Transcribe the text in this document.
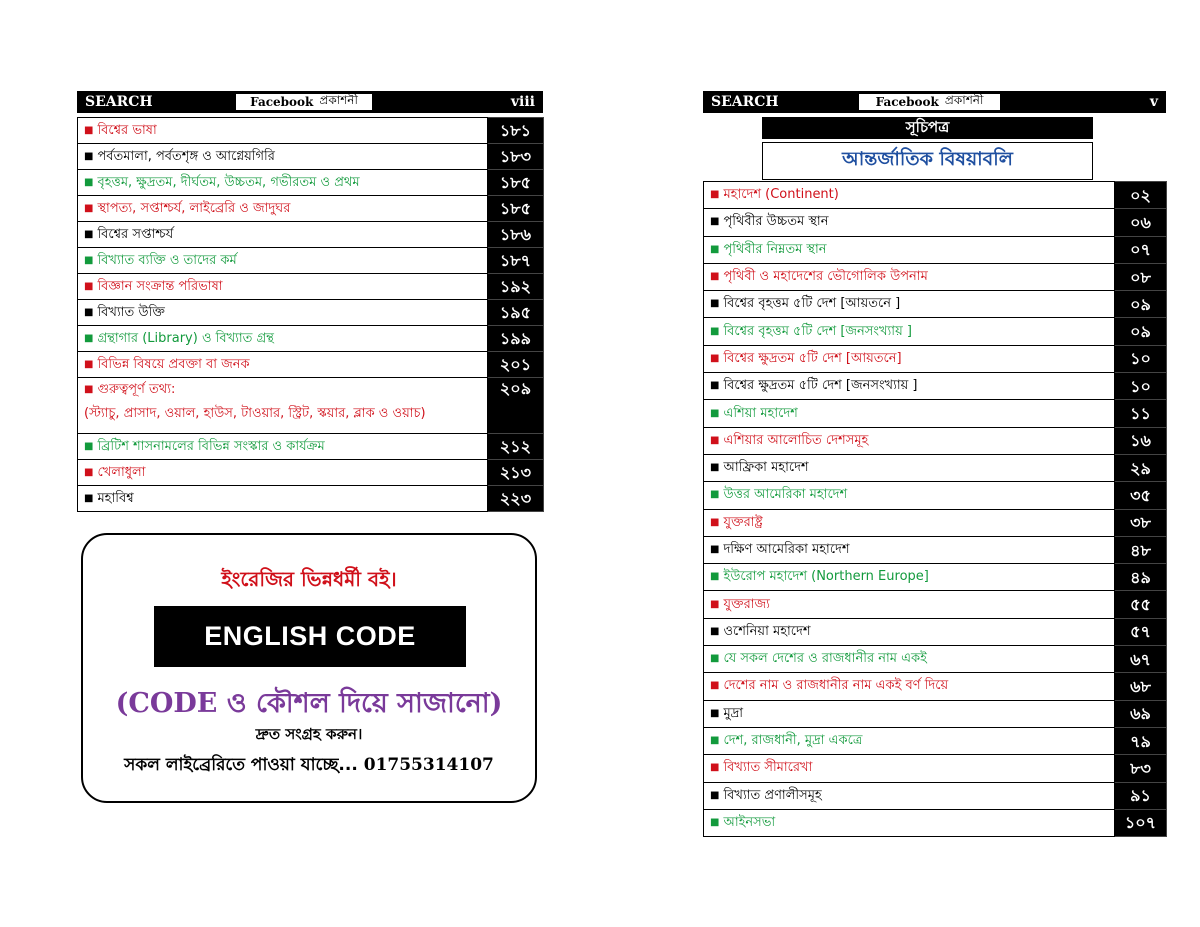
SEARCH	Facebook প্রকাশনী	viii
■ বিশ্বের ভাষা	১৮১
■ পর্বতমালা, পর্বতশৃঙ্গ ও আগ্নেয়গিরি	১৮৩
■ বৃহত্তম, ক্ষুদ্রতম, দীর্ঘতম, উচ্চতম, গভীরতম ও প্রথম	১৮৫
■ স্থাপত্য, সপ্তাশ্চর্য, লাইব্রেরি ও জাদুঘর	১৮৫
■ বিশ্বের সপ্তাশ্চর্য	১৮৬
■ বিখ্যাত ব্যক্তি ও তাদের কর্ম	১৮৭
■ বিজ্ঞান সংক্রান্ত পরিভাষা	১৯২
■ বিখ্যাত উক্তি	১৯৫
■ গ্রন্থাগার (Library) ও বিখ্যাত গ্রন্থ	১৯৯
■ বিভিন্ন বিষয়ে প্রবক্তা বা জনক	২০১
■ গুরুত্বপূর্ণ তথ্য:
(স্ট্যাচু, প্রাসাদ, ওয়াল, হাউস, টাওয়ার, স্ট্রিট, স্কয়ার, ব্লাক ও ওয়াচ)	২০৯
■ ব্রিটিশ শাসনামলের বিভিন্ন সংস্কার ও কার্যক্রম	২১২
■ খেলাধুলা	২১৩
■ মহাবিশ্ব	২২৩
ইংরেজির ভিন্নধর্মী বই।
ENGLISH CODE
(CODE ও কৌশল দিয়ে সাজানো)
দ্রুত সংগ্রহ করুন।
সকল লাইব্রেরিতে পাওয়া যাচ্ছে... 01755314107
SEARCH	Facebook প্রকাশনী	v
সূচিপত্র
আন্তর্জাতিক বিষয়াবলি
■ মহাদেশ (Continent)	০২
■ পৃথিবীর উচ্চতম স্থান	০৬
■ পৃথিবীর নিম্নতম স্থান	০৭
■ পৃথিবী ও মহাদেশের ভৌগোলিক উপনাম	০৮
■ বিশ্বের বৃহত্তম ৫টি দেশ [আয়তনে ]	০৯
■ বিশ্বের বৃহত্তম ৫টি দেশ [জনসংখ্যায় ]	০৯
■ বিশ্বের ক্ষুদ্রতম ৫টি দেশ [আয়তনে]	১০
■ বিশ্বের ক্ষুদ্রতম ৫টি দেশ [জনসংখ্যায় ]	১০
■ এশিয়া মহাদেশ	১১
■ এশিয়ার আলোচিত দেশসমূহ	১৬
■ আফ্রিকা মহাদেশ	২৯
■ উত্তর আমেরিকা মহাদেশ	৩৫
■ যুক্তরাষ্ট্র	৩৮
■ দক্ষিণ আমেরিকা মহাদেশ	৪৮
■ ইউরোপ মহাদেশ (Northern Europe]	৪৯
■ যুক্তরাজ্য	৫৫
■ ওশেনিয়া মহাদেশ	৫৭
■ যে সকল দেশের ও রাজধানীর নাম একই	৬৭
■ দেশের নাম ও রাজধানীর নাম একই বর্ণ দিয়ে	৬৮
■ মুদ্রা	৬৯
■ দেশ, রাজধানী, মুদ্রা একত্রে	৭৯
■ বিখ্যাত সীমারেখা	৮৩
■ বিখ্যাত প্রণালীসমূহ	৯১
■ আইনসভা	১০৭
